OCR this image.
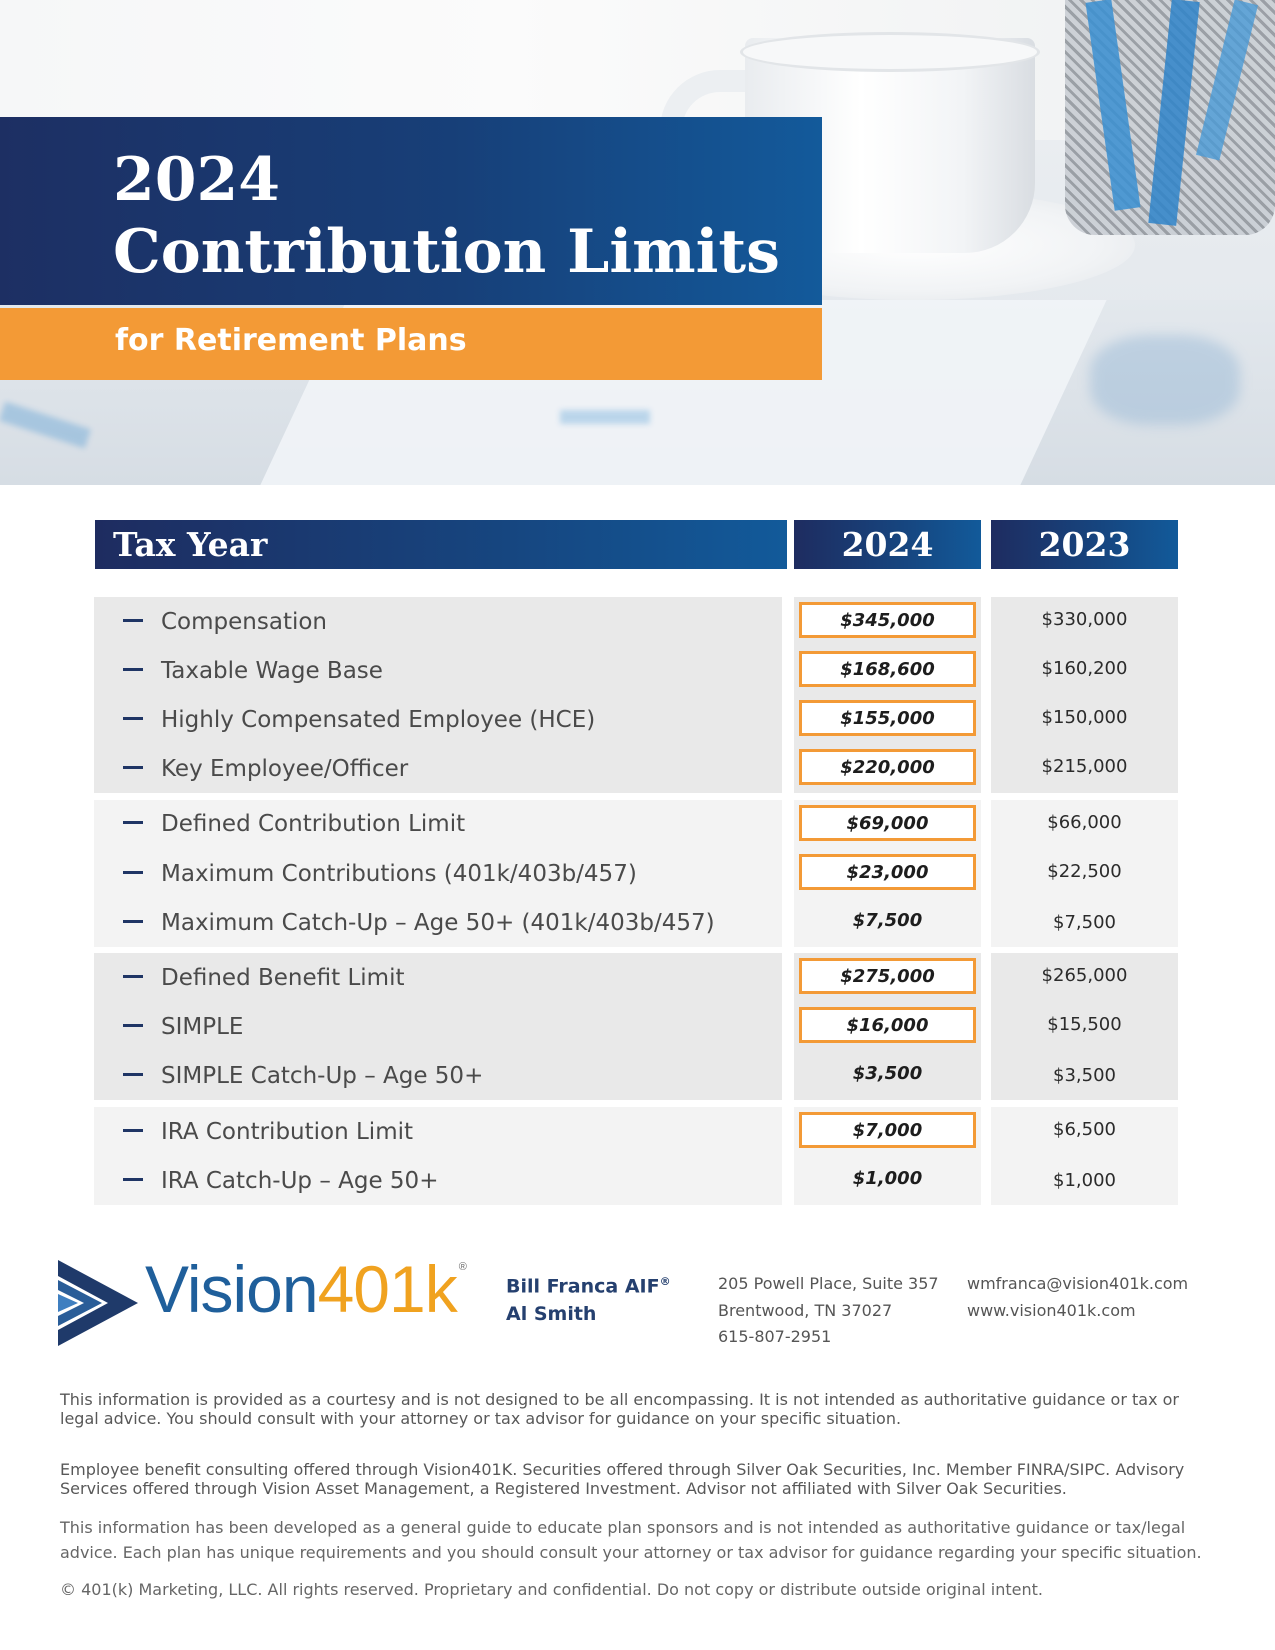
2024
Contribution Limits
for Retirement Plans
Tax Year	2024	2023
Compensation	$345,000	$330,000
Taxable Wage Base	$168,600	$160,200
Highly Compensated Employee (HCE)	$155,000	$150,000
Key Employee/Officer	$220,000	$215,000
Defined Contribution Limit	$69,000	$66,000
Maximum Contributions (401k/403b/457)	$23,000	$22,500
Maximum Catch-Up – Age 50+ (401k/403b/457)	$7,500	$7,500
Defined Benefit Limit	$275,000	$265,000
SIMPLE	$16,000	$15,500
SIMPLE Catch-Up – Age 50+	$3,500	$3,500
IRA Contribution Limit	$7,000	$6,500
IRA Catch-Up – Age 50+	$1,000	$1,000
Vision401k ®
Bill Franca AIF®
Al Smith
205 Powell Place, Suite 357
Brentwood, TN 37027
615-807-2951
wmfranca@vision401k.com
www.vision401k.com
This information is provided as a courtesy and is not designed to be all encompassing. It is not intended as authoritative guidance or tax or legal advice. You should consult with your attorney or tax advisor for guidance on your specific situation.
Employee benefit consulting offered through Vision401K. Securities offered through Silver Oak Securities, Inc. Member FINRA/SIPC. Advisory Services offered through Vision Asset Management, a Registered Investment. Advisor not affiliated with Silver Oak Securities.
This information has been developed as a general guide to educate plan sponsors and is not intended as authoritative guidance or tax/legal advice. Each plan has unique requirements and you should consult your attorney or tax advisor for guidance regarding your specific situation.
© 401(k) Marketing, LLC. All rights reserved. Proprietary and confidential. Do not copy or distribute outside original intent.
